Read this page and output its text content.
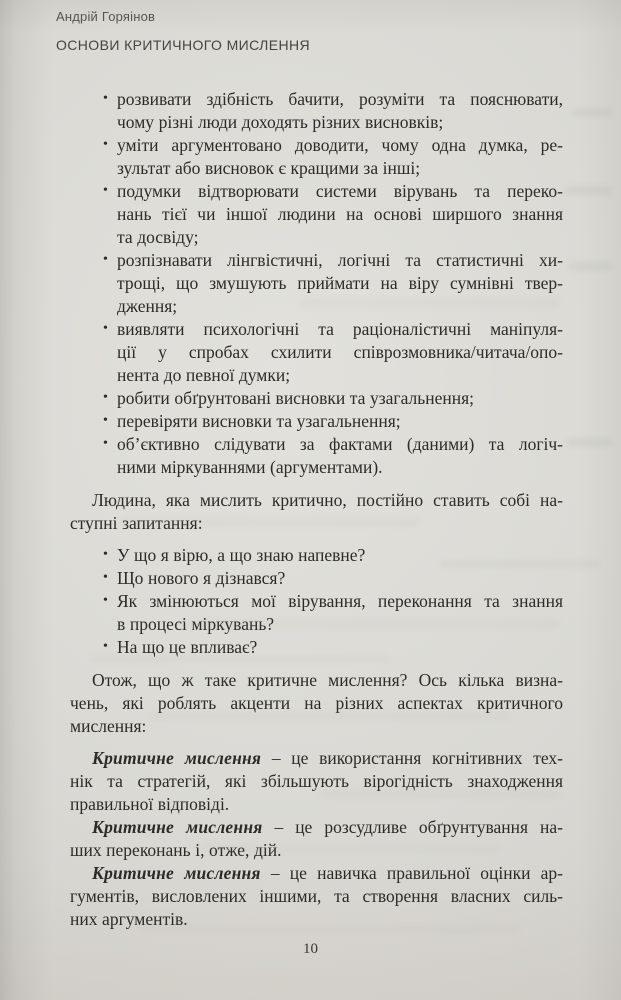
Андрій Горяінов
ОСНОВИ КРИТИЧНОГО МИСЛЕННЯ
• розвивати здібність бачити, розуміти та пояснювати,
чому різні люди доходять різних висновків;
• уміти аргументовано доводити, чому одна думка, ре-
зультат або висновок є кращими за інші;
• подумки відтворювати системи вірувань та переко-
нань тієї чи іншої людини на основі ширшого знання
та досвіду;
• розпізнавати лінгвістичні, логічні та статистичні хи-
трощі, що змушують приймати на віру сумнівні твер-
дження;
• виявляти психологічні та раціоналістичні маніпуля-
ції у спробах схилити співрозмовника/читача/опо-
нента до певної думки;
• робити обґрунтовані висновки та узагальнення;
• перевіряти висновки та узагальнення;
• об’єктивно слідувати за фактами (даними) та логіч-
ними міркуваннями (аргументами).
Людина, яка мислить критично, постійно ставить собі на-
ступні запитання:
• У що я вірю, а що знаю напевне?
• Що нового я дізнався?
• Як змінюються мої вірування, переконання та знання
в процесі міркувань?
• На що це впливає?
Отож, що ж таке критичне мислення? Ось кілька визна-
чень, які роблять акценти на різних аспектах критичного
мислення:
Критичне мислення – це використання когнітивних тех-
нік та стратегій, які збільшують вірогідність знаходження
правильної відповіді.
Критичне мислення – це розсудливе обґрунтування на-
ших переконань і, отже, дій.
Критичне мислення – це навичка правильної оцінки ар-
гументів, висловлених іншими, та створення власних силь-
них аргументів.
10
